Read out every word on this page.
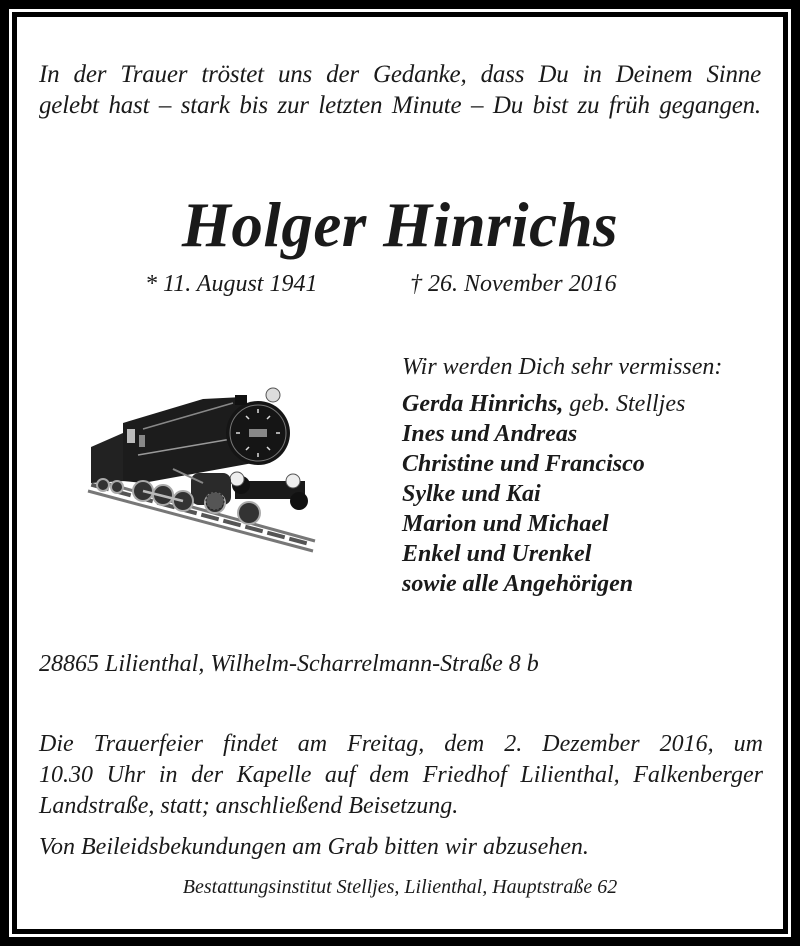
In der Trauer tröstet uns der Gedanke, dass Du in Deinem Sinne
gelebt hast – stark bis zur letzten Minute – Du bist zu früh gegangen.
Holger Hinrichs
* 11. August 1941	† 26. November 2016
Wir werden Dich sehr vermissen:
Gerda Hinrichs, geb. Stelljes
Ines und Andreas
Christine und Francisco
Sylke und Kai
Marion und Michael
Enkel und Urenkel
sowie alle Angehörigen
28865 Lilienthal, Wilhelm-Scharrelmann-Straße 8 b
Die Trauerfeier findet am Freitag, dem 2. Dezember 2016, um
10.30 Uhr in der Kapelle auf dem Friedhof Lilienthal, Falkenberger
Landstraße, statt; anschließend Beisetzung.
Von Beileidsbekundungen am Grab bitten wir abzusehen.
Bestattungsinstitut Stelljes, Lilienthal, Hauptstraße 62
